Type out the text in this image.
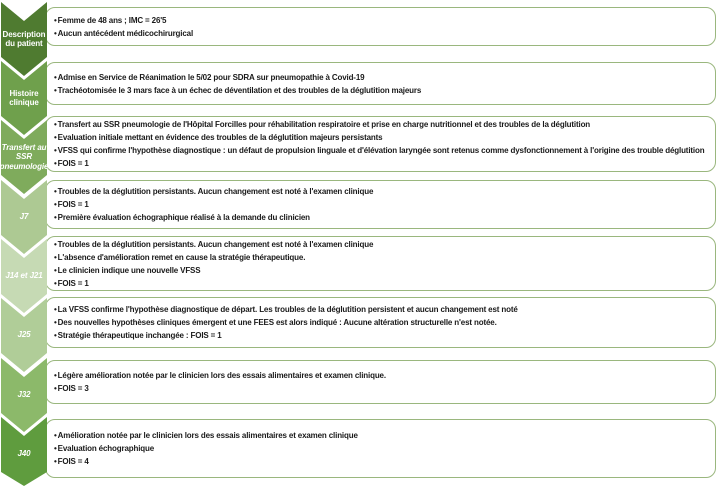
• Femme de 48 ans ; IMC = 26'5
• Aucun antécédent médicochirurgical
• Admise en Service de Réanimation le 5/02 pour SDRA sur pneumopathie à Covid-19
• Trachéotomisée le 3 mars face à un échec de déventilation et des troubles de la déglutition majeurs
• Transfert au SSR pneumologie de l'Hôpital Forcilles pour réhabilitation respiratoire et prise en charge nutritionnel et des troubles de la déglutition
• Evaluation initiale mettant en évidence des troubles de la déglutition majeurs persistants
• VFSS qui confirme l'hypothèse diagnostique : un défaut de propulsion linguale et d'élévation laryngée sont retenus comme dysfonctionnement à l'origine des trouble déglutition
• FOIS = 1
• Troubles de la déglutition persistants. Aucun changement est noté à l'examen clinique
• FOIS = 1
• Première évaluation échographique réalisé à la demande du clinicien
• Troubles de la déglutition persistants. Aucun changement est noté à l'examen clinique
• L'absence d'amélioration remet en cause la stratégie thérapeutique.
• Le clinicien indique une nouvelle VFSS
• FOIS = 1
• La VFSS confirme l'hypothèse diagnostique de départ. Les troubles de la déglutition persistent et aucun changement est noté
• Des nouvelles hypothèses cliniques émergent et une FEES est alors indiqué : Aucune altération structurelle n'est notée.
• Stratégie thérapeutique inchangée : FOIS = 1
• Légère amélioration notée par le clinicien lors des essais alimentaires et examen clinique.
• FOIS = 3
• Amélioration notée par le clinicien lors des essais alimentaires et examen clinique
• Evaluation échographique
• FOIS = 4
Description du patient
Histoire clinique
Transfert au SSR pneumologie
J7
J14 et J21
J25
J32
J40
